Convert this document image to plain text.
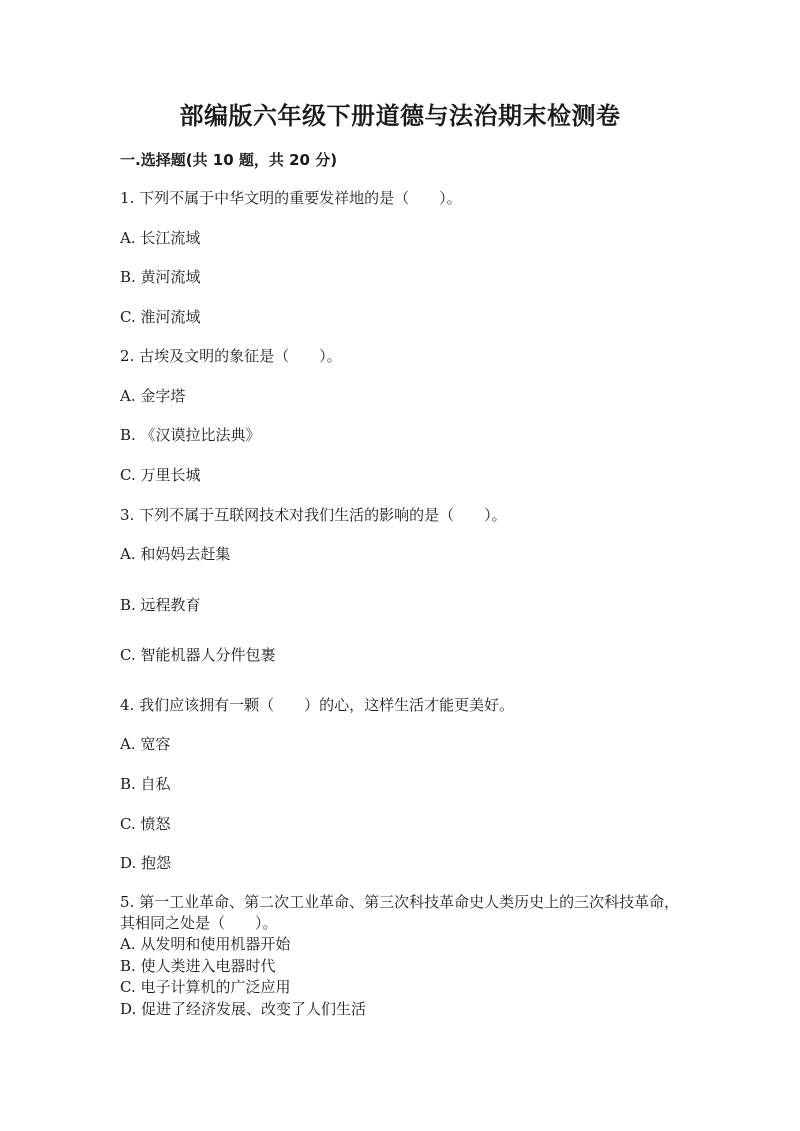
部编版六年级下册道德与法治期末检测卷
一.选择题(共 10 题，共 20 分)
1. 下列不属于中华文明的重要发祥地的是（　　）。
A. 长江流域
B. 黄河流域
C. 淮河流域
2. 古埃及文明的象征是（　　）。
A. 金字塔
B. 《汉谟拉比法典》
C. 万里长城
3. 下列不属于互联网技术对我们生活的影响的是（　　）。
A. 和妈妈去赶集
B. 远程教育
C. 智能机器人分件包裹
4. 我们应该拥有一颗（　　）的心，这样生活才能更美好。
A. 宽容
B. 自私
C. 愤怒
D. 抱怨
5. 第一工业革命、第二次工业革命、第三次科技革命史人类历史上的三次科技革命，其相同之处是（　　）。
A. 从发明和使用机器开始
B. 使人类进入电器时代
C. 电子计算机的广泛应用
D. 促进了经济发展、改变了人们生活
